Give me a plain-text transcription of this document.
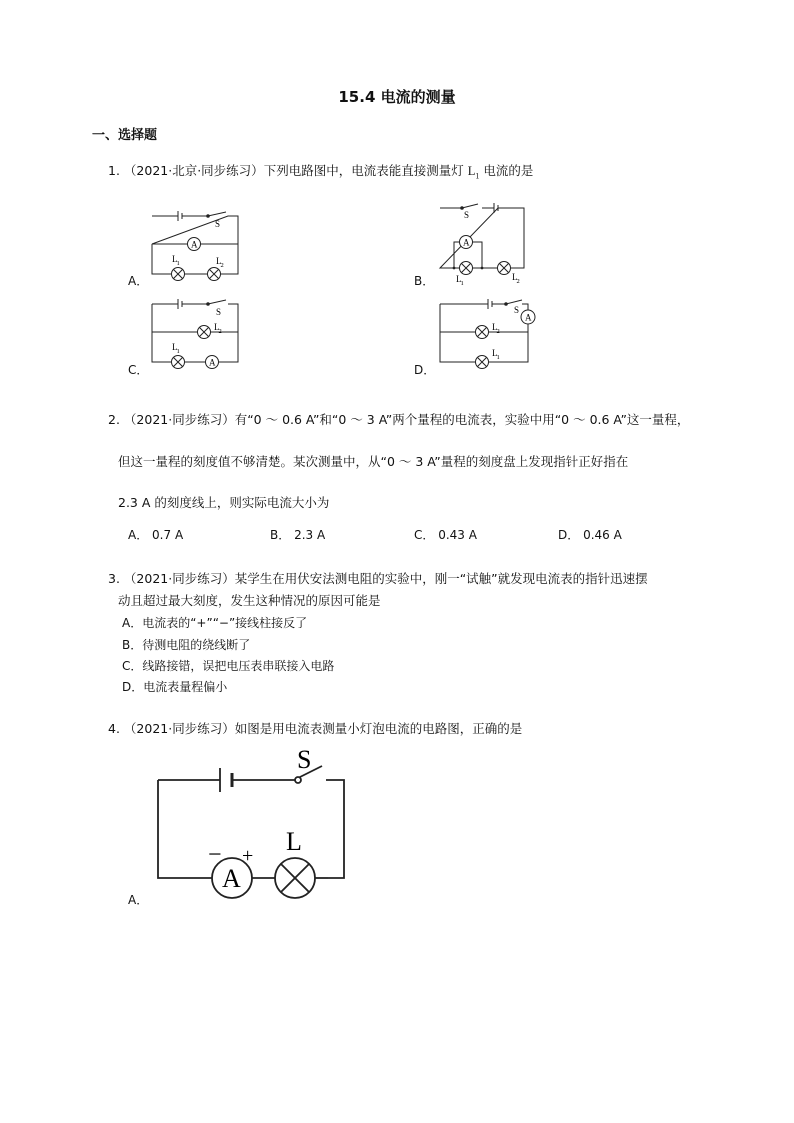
15.4 电流的测量
一、选择题
1. （2021·北京·同步练习）下列电路图中，电流表能直接测量灯 $L_1$ 电流的是
A．	B．
C．	D．
S
A
L 1	L 2
S
A
L 1
L 2
S
L 2
L 1
A
S
A
L 2
L 1
2. （2021·同步练习）有“0 ～ 0.6 A”和“0 ～ 3 A”两个量程的电流表，实验中用“0 ～ 0.6 A”这一量程，
但这一量程的刻度值不够清楚。某次测量中，从“0 ～ 3 A”量程的刻度盘上发现指针正好指在
2.3 A 的刻度线上，则实际电流大小为
A． 0.7 A	B． 2.3 A	C． 0.43 A	D． 0.46 A
3. （2021·同步练习）某学生在用伏安法测电阻的实验中，刚一“试触”就发现电流表的指针迅速摆
动且超过最大刻度，发生这种情况的原因可能是
A．电流表的“+”“−”接线柱接反了
B．待测电阻的绕线断了
C．线路接错，误把电压表串联接入电路
D．电流表量程偏小
4. （2021·同步练习）如图是用电流表测量小灯泡电流的电路图，正确的是
A．
S
A
L
− +
